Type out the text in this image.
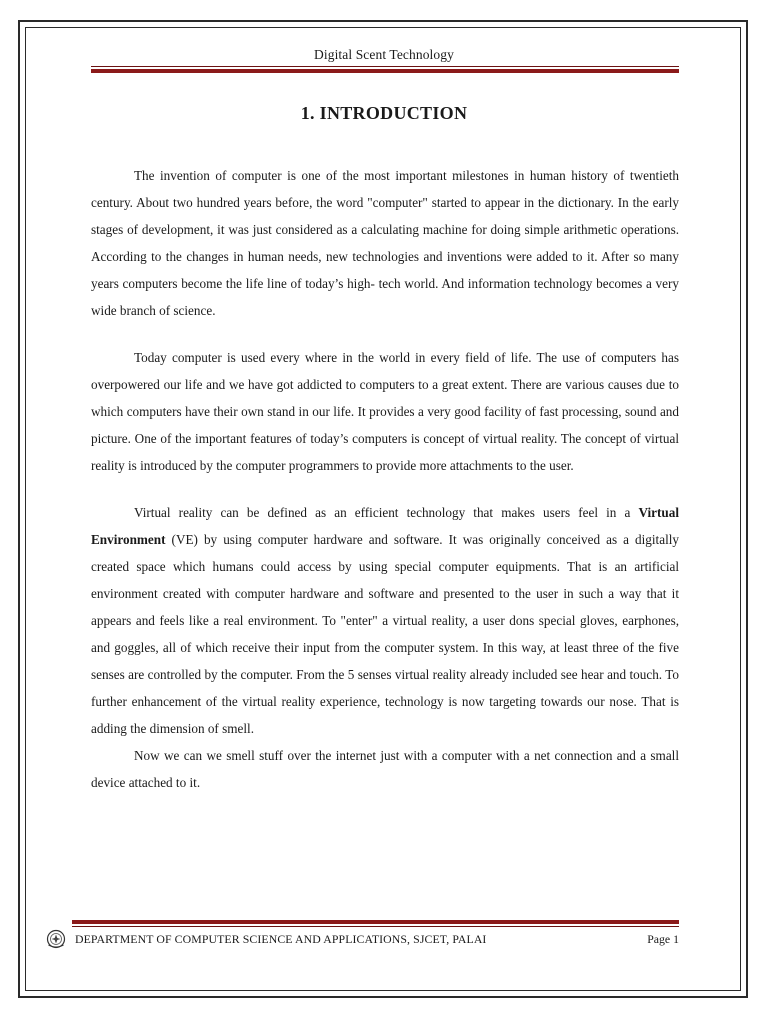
Digital Scent Technology
1. INTRODUCTION

The invention of computer is one of the most important milestones in human history of twentieth century. About two hundred years before, the word "computer" started to appear in the dictionary. In the early stages of development, it was just considered as a calculating machine for doing simple arithmetic operations. According to the changes in human needs, new technologies and inventions were added to it. After so many years computers become the life line of today’s high- tech world. And information technology becomes a very wide branch of science.

Today computer is used every where in the world in every field of life. The use of computers has overpowered our life and we have got addicted to computers to a great extent. There are various causes due to which computers have their own stand in our life. It provides a very good facility of fast processing, sound and picture. One of the important features of today’s computers is concept of virtual reality. The concept of virtual reality is introduced by the computer programmers to provide more attachments to the user.

Virtual reality can be defined as an efficient technology that makes users feel in a Virtual Environment (VE) by using computer hardware and software. It was originally conceived as a digitally created space which humans could access by using special computer equipments. That is an artificial environment created with computer hardware and software and presented to the user in such a way that it appears and feels like a real environment. To "enter" a virtual reality, a user dons special gloves, earphones, and goggles, all of which receive their input from the computer system. In this way, at least three of the five senses are controlled by the computer. From the 5 senses virtual reality already included see hear and touch. To further enhancement of the virtual reality experience, technology is now targeting towards our nose. That is adding the dimension of smell.

Now we can we smell stuff over the internet just with a computer with a net connection and a small device attached to it.

DEPARTMENT OF COMPUTER SCIENCE AND APPLICATIONS, SJCET, PALAI	Page 1
